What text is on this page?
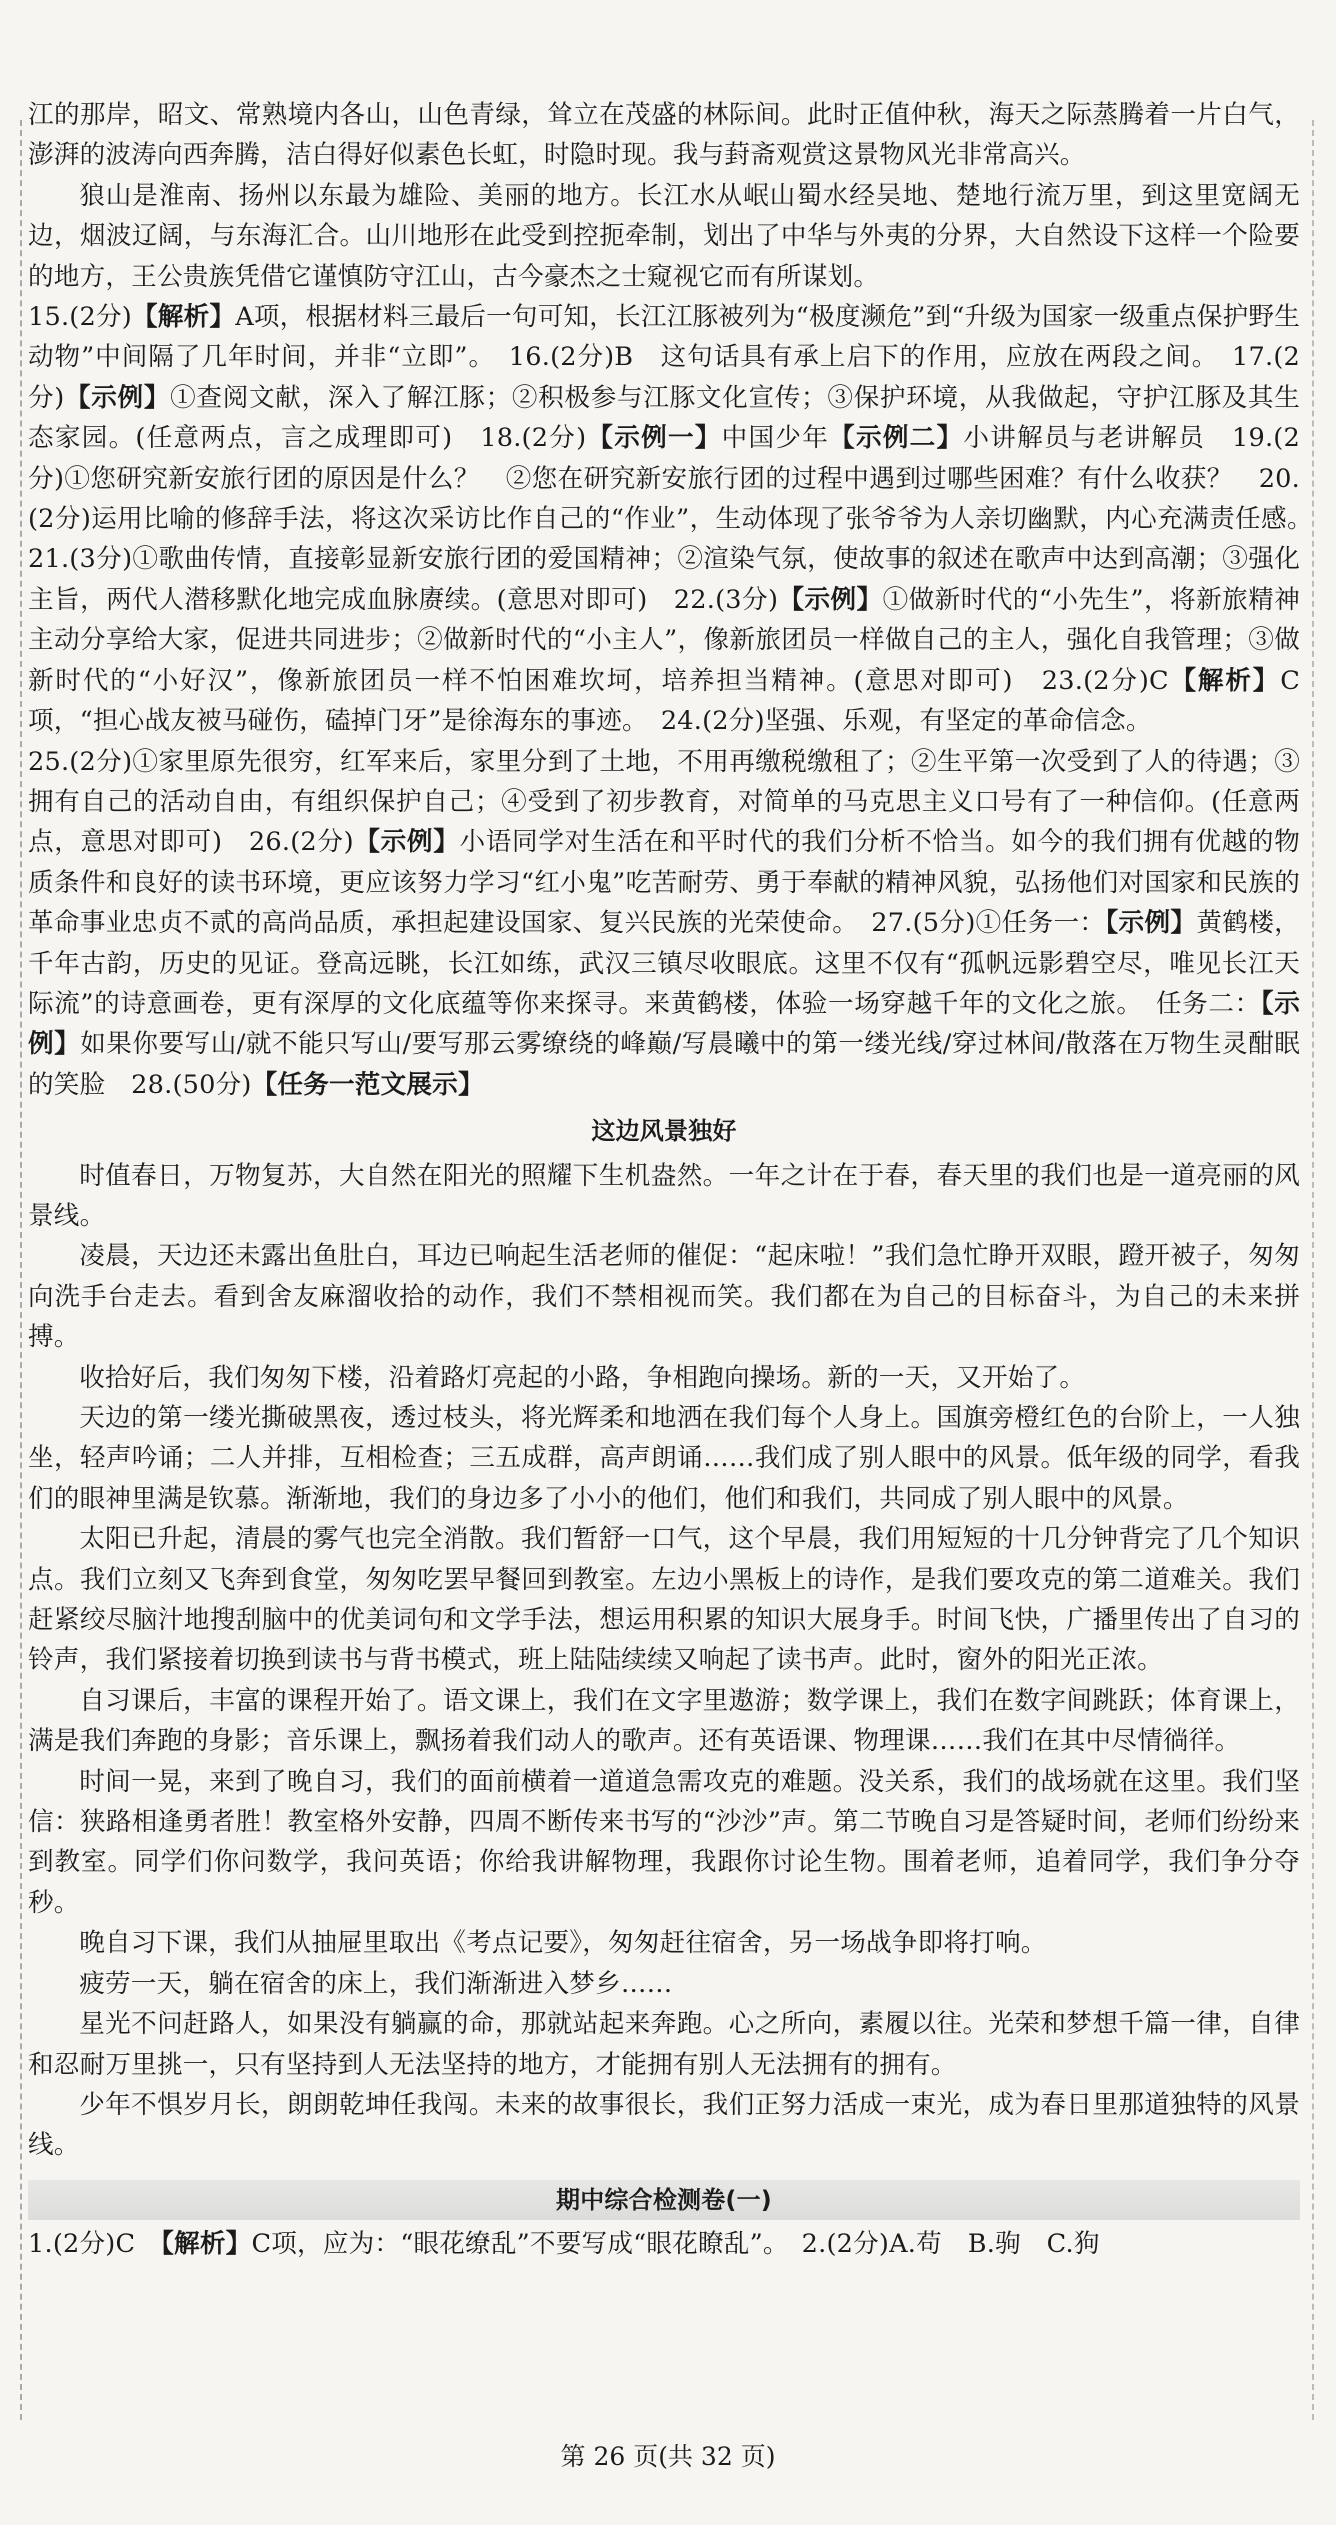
江的那岸，昭文、常熟境内各山，山色青绿，耸立在茂盛的林际间。此时正值仲秋，海天之际蒸腾着一片白气，澎湃的波涛向西奔腾，洁白得好似素色长虹，时隐时现。我与葑斋观赏这景物风光非常高兴。

狼山是淮南、扬州以东最为雄险、美丽的地方。长江水从岷山蜀水经吴地、楚地行流万里，到这里宽阔无边，烟波辽阔，与东海汇合。山川地形在此受到控扼牵制，划出了中华与外夷的分界，大自然设下这样一个险要的地方，王公贵族凭借它谨慎防守江山，古今豪杰之士窥视它而有所谋划。

15.(2分)【解析】A项，根据材料三最后一句可知，长江江豚被列为“极度濒危”到“升级为国家一级重点保护野生动物”中间隔了几年时间，并非“立即”。　16.(2分)B　这句话具有承上启下的作用，应放在两段之间。　17.(2分)【示例】①查阅文献，深入了解江豚；②积极参与江豚文化宣传；③保护环境，从我做起，守护江豚及其生态家园。(任意两点，言之成理即可)　18.(2分)【示例一】中国少年【示例二】小讲解员与老讲解员　19.(2分)①您研究新安旅行团的原因是什么？　②您在研究新安旅行团的过程中遇到过哪些困难？有什么收获？　20.(2分)运用比喻的修辞手法，将这次采访比作自己的“作业”，生动体现了张爷爷为人亲切幽默，内心充满责任感。　21.(3分)①歌曲传情，直接彰显新安旅行团的爱国精神；②渲染气氛，使故事的叙述在歌声中达到高潮；③强化主旨，两代人潜移默化地完成血脉赓续。(意思对即可)　22.(3分)【示例】①做新时代的“小先生”，将新旅精神主动分享给大家，促进共同进步；②做新时代的“小主人”，像新旅团员一样做自己的主人，强化自我管理；③做新时代的“小好汉”，像新旅团员一样不怕困难坎坷，培养担当精神。(意思对即可)　23.(2分)C【解析】C项，“担心战友被马碰伤，磕掉门牙”是徐海东的事迹。　24.(2分)坚强、乐观，有坚定的革命信念。

25.(2分)①家里原先很穷，红军来后，家里分到了土地，不用再缴税缴租了；②生平第一次受到了人的待遇；③拥有自己的活动自由，有组织保护自己；④受到了初步教育，对简单的马克思主义口号有了一种信仰。(任意两点，意思对即可)　26.(2分)【示例】小语同学对生活在和平时代的我们分析不恰当。如今的我们拥有优越的物质条件和良好的读书环境，更应该努力学习“红小鬼”吃苦耐劳、勇于奉献的精神风貌，弘扬他们对国家和民族的革命事业忠贞不贰的高尚品质，承担起建设国家、复兴民族的光荣使命。　27.(5分)①任务一：【示例】黄鹤楼，千年古韵，历史的见证。登高远眺，长江如练，武汉三镇尽收眼底。这里不仅有“孤帆远影碧空尽，唯见长江天际流”的诗意画卷，更有深厚的文化底蕴等你来探寻。来黄鹤楼，体验一场穿越千年的文化之旅。　任务二：【示例】如果你要写山/就不能只写山/要写那云雾缭绕的峰巅/写晨曦中的第一缕光线/穿过林间/散落在万物生灵酣眠的笑脸　28.(50分)【任务一范文展示】

这边风景独好

时值春日，万物复苏，大自然在阳光的照耀下生机盎然。一年之计在于春，春天里的我们也是一道亮丽的风景线。

凌晨，天边还未露出鱼肚白，耳边已响起生活老师的催促：“起床啦！”我们急忙睁开双眼，蹬开被子，匆匆向洗手台走去。看到舍友麻溜收拾的动作，我们不禁相视而笑。我们都在为自己的目标奋斗，为自己的未来拼搏。

收拾好后，我们匆匆下楼，沿着路灯亮起的小路，争相跑向操场。新的一天，又开始了。

天边的第一缕光撕破黑夜，透过枝头，将光辉柔和地洒在我们每个人身上。国旗旁橙红色的台阶上，一人独坐，轻声吟诵；二人并排，互相检查；三五成群，高声朗诵……我们成了别人眼中的风景。低年级的同学，看我们的眼神里满是钦慕。渐渐地，我们的身边多了小小的他们，他们和我们，共同成了别人眼中的风景。

太阳已升起，清晨的雾气也完全消散。我们暂舒一口气，这个早晨，我们用短短的十几分钟背完了几个知识点。我们立刻又飞奔到食堂，匆匆吃罢早餐回到教室。左边小黑板上的诗作，是我们要攻克的第二道难关。我们赶紧绞尽脑汁地搜刮脑中的优美词句和文学手法，想运用积累的知识大展身手。时间飞快，广播里传出了自习的铃声，我们紧接着切换到读书与背书模式，班上陆陆续续又响起了读书声。此时，窗外的阳光正浓。

自习课后，丰富的课程开始了。语文课上，我们在文字里遨游；数学课上，我们在数字间跳跃；体育课上，满是我们奔跑的身影；音乐课上，飘扬着我们动人的歌声。还有英语课、物理课……我们在其中尽情徜徉。

时间一晃，来到了晚自习，我们的面前横着一道道急需攻克的难题。没关系，我们的战场就在这里。我们坚信：狭路相逢勇者胜！教室格外安静，四周不断传来书写的“沙沙”声。第二节晚自习是答疑时间，老师们纷纷来到教室。同学们你问数学，我问英语；你给我讲解物理，我跟你讨论生物。围着老师，追着同学，我们争分夺秒。

晚自习下课，我们从抽屉里取出《考点记要》，匆匆赶往宿舍，另一场战争即将打响。

疲劳一天，躺在宿舍的床上，我们渐渐进入梦乡……

星光不问赶路人，如果没有躺赢的命，那就站起来奔跑。心之所向，素履以往。光荣和梦想千篇一律，自律和忍耐万里挑一，只有坚持到人无法坚持的地方，才能拥有别人无法拥有的拥有。

少年不惧岁月长，朗朗乾坤任我闯。未来的故事很长，我们正努力活成一束光，成为春日里那道独特的风景线。

期中综合检测卷(一)

1.(2分)C　【解析】C项，应为：“眼花缭乱”不要写成“眼花瞭乱”。　2.(2分)A.苟　B.驹　C.狗

第 26 页(共 32 页)
